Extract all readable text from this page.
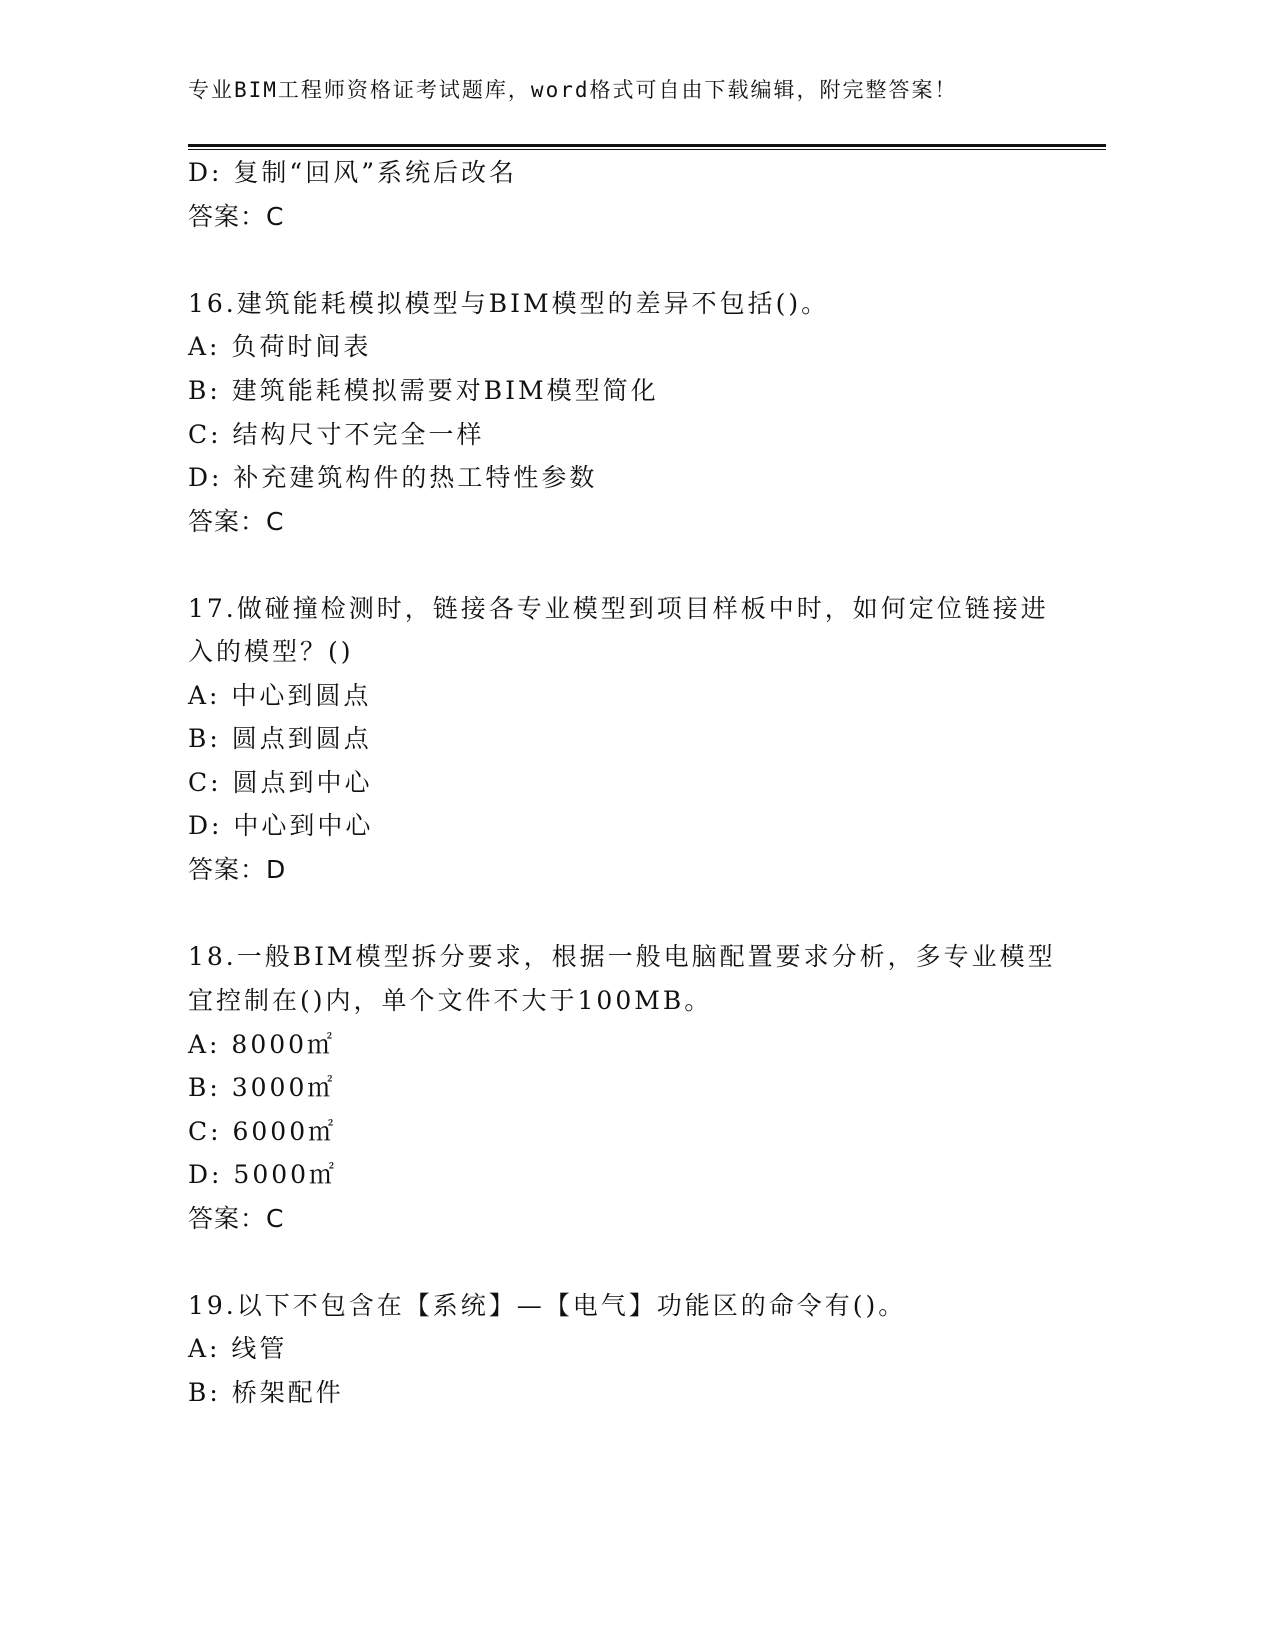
专业BIM工程师资格证考试题库，word格式可自由下载编辑，附完整答案！
D: 复制“回风”系统后改名
答案：C
16.建筑能耗模拟模型与BIM模型的差异不包括()。
A: 负荷时间表
B: 建筑能耗模拟需要对BIM模型简化
C: 结构尺寸不完全一样
D: 补充建筑构件的热工特性参数
答案：C
17.做碰撞检测时，链接各专业模型到项目样板中时，如何定位链接进
入的模型？()
A: 中心到圆点
B: 圆点到圆点
C: 圆点到中心
D: 中心到中心
答案：D
18.一般BIM模型拆分要求，根据一般电脑配置要求分析，多专业模型
宜控制在()内，单个文件不大于100MB。
A: 8000㎡
B: 3000㎡
C: 6000㎡
D: 5000㎡
答案：C
19.以下不包含在【系统】—【电气】功能区的命令有()。
A: 线管
B: 桥架配件
